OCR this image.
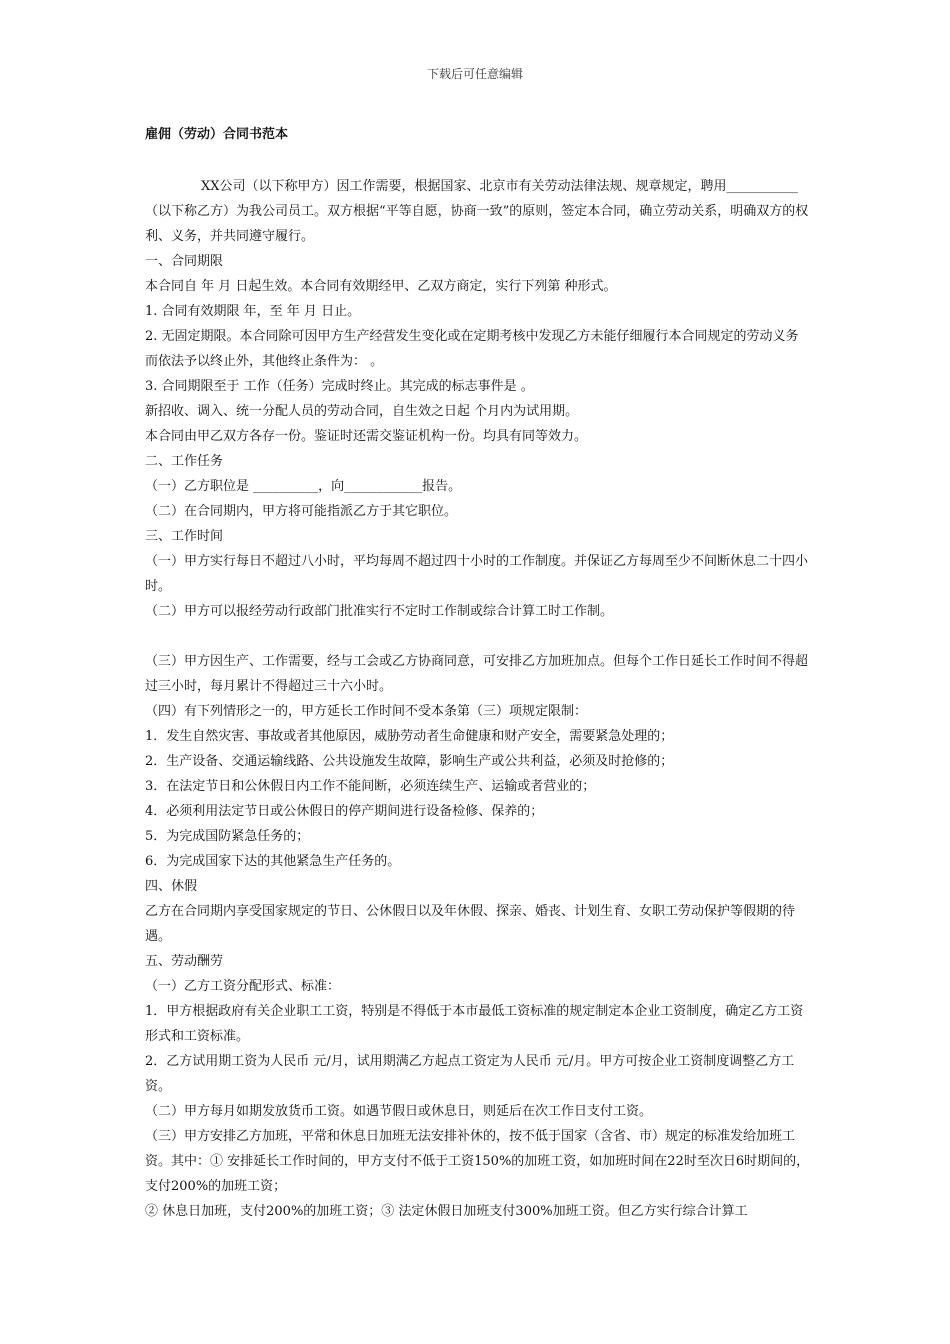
下载后可任意编辑
雇佣（劳动）合同书范本

XX公司（以下称甲方）因工作需要，根据国家、北京市有关劳动法律法规、规章规定，聘用___________（以下称乙方）为我公司员工。双方根据“平等自愿，协商一致”的原则，签定本合同，确立劳动关系，明确双方的权利、义务，并共同遵守履行。

一、合同期限

本合同自 年 月 日起生效。本合同有效期经甲、乙双方商定，实行下列第 种形式。

1. 合同有效期限 年，至 年 月 日止。

2. 无固定期限。本合同除可因甲方生产经营发生变化或在定期考核中发现乙方未能仔细履行本合同规定的劳动义务而依法予以终止外，其他终止条件为： 。

3. 合同期限至于 工作（任务）完成时终止。其完成的标志事件是 。

新招收、调入、统一分配人员的劳动合同，自生效之日起 个月内为试用期。

本合同由甲乙双方各存一份。鉴证时还需交鉴证机构一份。均具有同等效力。

二、工作任务

（一）乙方职位是 __________，向____________报告。

（二）在合同期内，甲方将可能指派乙方于其它职位。

三、工作时间

（一）甲方实行每日不超过八小时，平均每周不超过四十小时的工作制度。并保证乙方每周至少不间断休息二十四小时。

（二）甲方可以报经劳动行政部门批准实行不定时工作制或综合计算工时工作制。

（三）甲方因生产、工作需要，经与工会或乙方协商同意，可安排乙方加班加点。但每个工作日延长工作时间不得超过三小时，每月累计不得超过三十六小时。

（四）有下列情形之一的，甲方延长工作时间不受本条第（三）项规定限制：

1．发生自然灾害、事故或者其他原因，威胁劳动者生命健康和财产安全，需要紧急处理的；

2．生产设备、交通运输线路、公共设施发生故障，影响生产或公共利益，必须及时抢修的；

3．在法定节日和公休假日内工作不能间断，必须连续生产、运输或者营业的；

4．必须利用法定节日或公休假日的停产期间进行设备检修、保养的；

5．为完成国防紧急任务的；

6．为完成国家下达的其他紧急生产任务的。

四、休假

乙方在合同期内享受国家规定的节日、公休假日以及年休假、探亲、婚丧、计划生育、女职工劳动保护等假期的待遇。

五、劳动酬劳

（一）乙方工资分配形式、标准：

1．甲方根据政府有关企业职工工资，特别是不得低于本市最低工资标准的规定制定本企业工资制度，确定乙方工资形式和工资标准。

2．乙方试用期工资为人民币 元/月，试用期满乙方起点工资定为人民币 元/月。甲方可按企业工资制度调整乙方工资。

（二）甲方每月如期发放货币工资。如遇节假日或休息日，则延后在次工作日支付工资。

（三）甲方安排乙方加班，平常和休息日加班无法安排补休的，按不低于国家（含省、市）规定的标准发给加班工资。其中：① 安排延长工作时间的，甲方支付不低于工资150%的加班工资，如加班时间在22时至次日6时期间的，支付200%的加班工资；

② 休息日加班，支付200%的加班工资；③ 法定休假日加班支付300%加班工资。但乙方实行综合计算工
